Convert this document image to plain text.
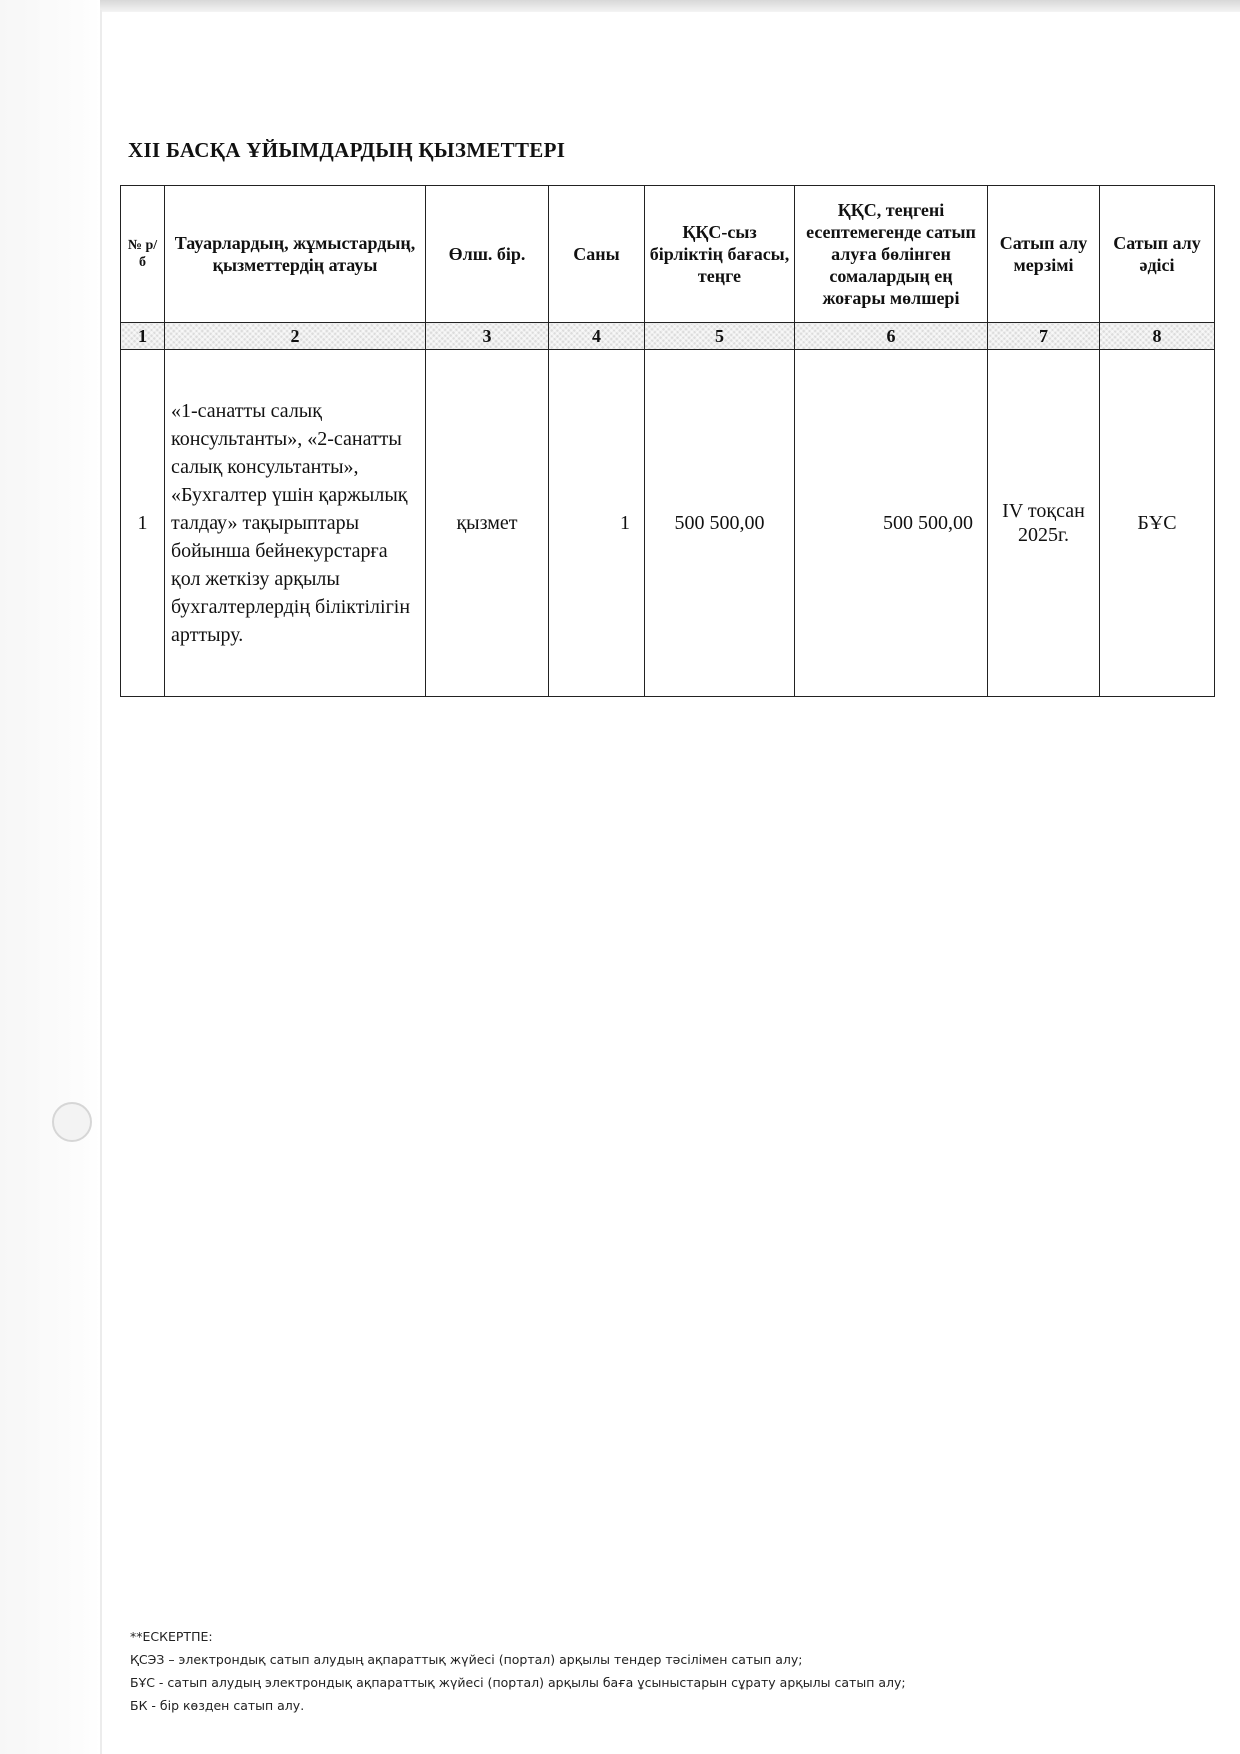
XII БАСҚА ҰЙЫМДАРДЫҢ ҚЫЗМЕТТЕРІ
№ р/б	Тауарлардың, жұмыстардың, қызметтердің атауы	Өлш. бір.	Саны	ҚҚС-сыз бірліктің бағасы, теңге	ҚҚС, теңгені есептемегенде сатып алуға бөлінген сомалардың ең жоғары мөлшері	Сатып алу мерзімі	Сатып алу әдісі
1	2	3	4	5	6	7	8
1	«1-санатты салық консультанты», «2-санатты салық консультанты», «Бухгалтер үшін қаржылық талдау» тақырыптары бойынша бейнекурстарға қол жеткізу арқылы бухгалтерлердің біліктілігін арттыру.	қызмет	1	500 500,00	500 500,00	IV тоқсан 2025г.	БҰС
**ЕСКЕРТПЕ:
ҚСЭЗ – электрондық сатып алудың ақпараттық жүйесі (портал) арқылы тендер тәсілімен сатып алу;
БҰС - сатып алудың электрондық ақпараттық жүйесі (портал) арқылы баға ұсыныстарын сұрату арқылы сатып алу;
БК - бір көзден сатып алу.
